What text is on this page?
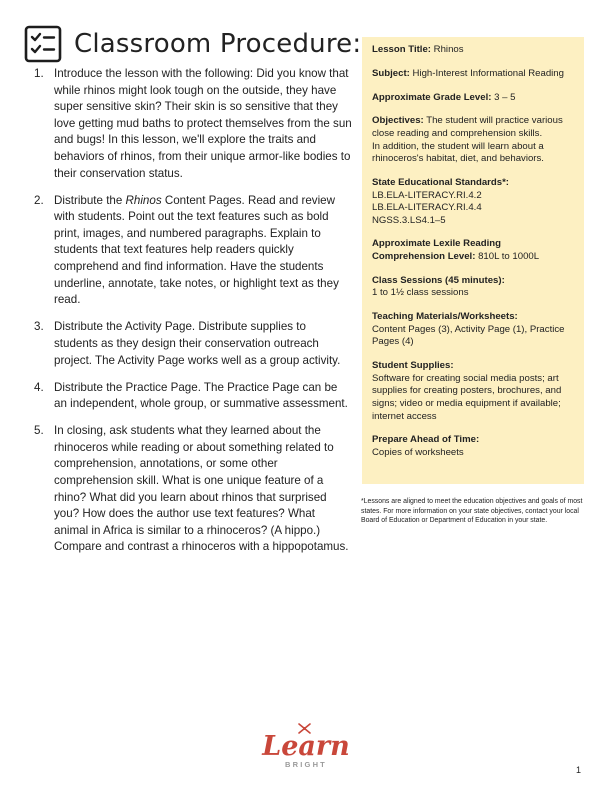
Classroom Procedure:
1. Introduce the lesson with the following: Did you know that while rhinos might look tough on the outside, they have super sensitive skin? Their skin is so sensitive that they love getting mud baths to protect themselves from the sun and bugs! In this lesson, we'll explore the traits and behaviors of rhinos, from their unique armor-like bodies to their conservation status.
2. Distribute the Rhinos Content Pages. Read and review with students. Point out the text features such as bold print, images, and numbered paragraphs. Explain to students that text features help readers quickly comprehend and find information. Have the students underline, annotate, take notes, or highlight text as they read.
3. Distribute the Activity Page. Distribute supplies to students as they design their conservation outreach project. The Activity Page works well as a group activity.
4. Distribute the Practice Page. The Practice Page can be an independent, whole group, or summative assessment.
5. In closing, ask students what they learned about the rhinoceros while reading or about something related to comprehension, annotations, or some other comprehension skill. What is one unique feature of a rhino? What did you learn about rhinos that surprised you? How does the author use text features? What animal in Africa is similar to a rhinoceros? (A hippo.) Compare and contrast a rhinoceros with a hippopotamus.
Lesson Title: Rhinos
Subject: High-Interest Informational Reading
Approximate Grade Level: 3 – 5
Objectives: The student will practice various close reading and comprehension skills.
In addition, the student will learn about a rhinoceros's habitat, diet, and behaviors.
State Educational Standards*:
LB.ELA-LITERACY.RI.4.2
LB.ELA-LITERACY.RI.4.4
NGSS.3.LS4.1–5
Approximate Lexile Reading Comprehension Level: 810L to 1000L
Class Sessions (45 minutes):
1 to 1½ class sessions
Teaching Materials/Worksheets:
Content Pages (3), Activity Page (1), Practice Pages (4)
Student Supplies:
Software for creating social media posts; art supplies for creating posters, brochures, and signs; video or media equipment if available; internet access
Prepare Ahead of Time:
Copies of worksheets
*Lessons are aligned to meet the education objectives and goals of most states. For more information on your state objectives, contact your local Board of Education or Department of Education in your state.
Learn
BRIGHT
1
